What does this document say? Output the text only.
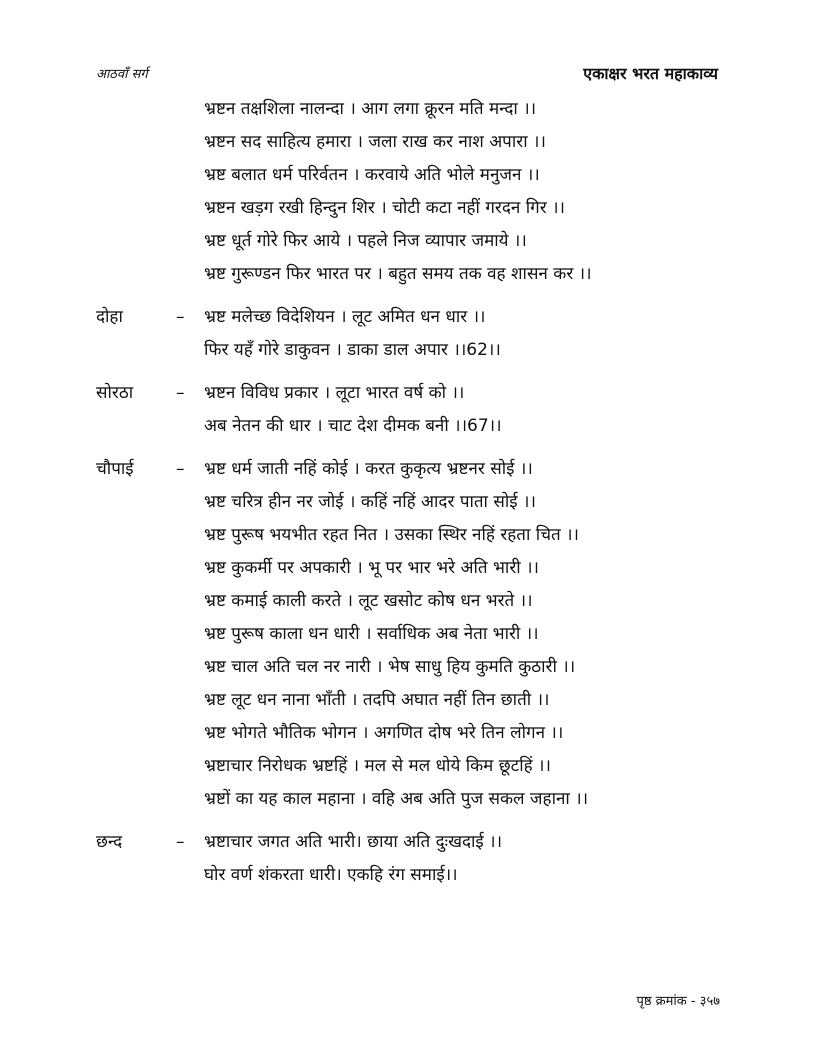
आठवाँ सर्ग	एकाक्षर भरत महाकाव्य
भ्रष्टन तक्षशिला नालन्दा । आग लगा क्रूरन मति मन्दा ।।
भ्रष्टन सद साहित्य हमारा । जला राख कर नाश अपारा ।।
भ्रष्ट बलात धर्म परिर्वतन । करवाये अति भोले मनुजन ।।
भ्रष्टन खड़ग रखी हिन्दुन शिर । चोटी कटा नहीं गरदन गिर ।।
भ्रष्ट धूर्त गोरे फिर आये । पहले निज व्यापार जमाये ।।
भ्रष्ट गुरूण्डन फिर भारत पर । बहुत समय तक वह शासन कर ।।
दोहा	–	भ्रष्ट मलेच्छ विदेशियन । लूट अमित धन धार ।।
फिर यहँ गोरे डाकुवन । डाका डाल अपार ।।62।।
सोरठा	–	भ्रष्टन विविध प्रकार । लूटा भारत वर्ष को ।।
अब नेतन की धार । चाट देश दीमक बनी ।।67।।
चौपाई	–	भ्रष्ट धर्म जाती नहिं कोई । करत कुकृत्य भ्रष्टनर सोई ।।
भ्रष्ट चरित्र हीन नर जोई । कहिं नहिं आदर पाता सोई ।।
भ्रष्ट पुरूष भयभीत रहत नित । उसका स्थिर नहिं रहता चित ।।
भ्रष्ट कुकर्मी पर अपकारी । भू पर भार भरे अति भारी ।।
भ्रष्ट कमाई काली करते । लूट खसोट कोष धन भरते ।।
भ्रष्ट पुरूष काला धन धारी । सर्वाधिक अब नेता भारी ।।
भ्रष्ट चाल अति चल नर नारी । भेष साधु हिय कुमति कुठारी ।।
भ्रष्ट लूट धन नाना भाँती । तदपि अघात नहीं तिन छाती ।।
भ्रष्ट भोगते भौतिक भोगन । अगणित दोष भरे तिन लोगन ।।
भ्रष्टाचार निरोधक भ्रष्टहिं । मल से मल धोये किम छूटहिं ।।
भ्रष्टों का यह काल महाना । वहि अब अति पुज सकल जहाना ।।
छन्द	–	भ्रष्टाचार जगत अति भारी। छाया अति दुःखदाई ।।
घोर वर्ण शंकरता धारी। एकहि रंग समाई।।
पृष्ठ क्रमांक - ३५७
